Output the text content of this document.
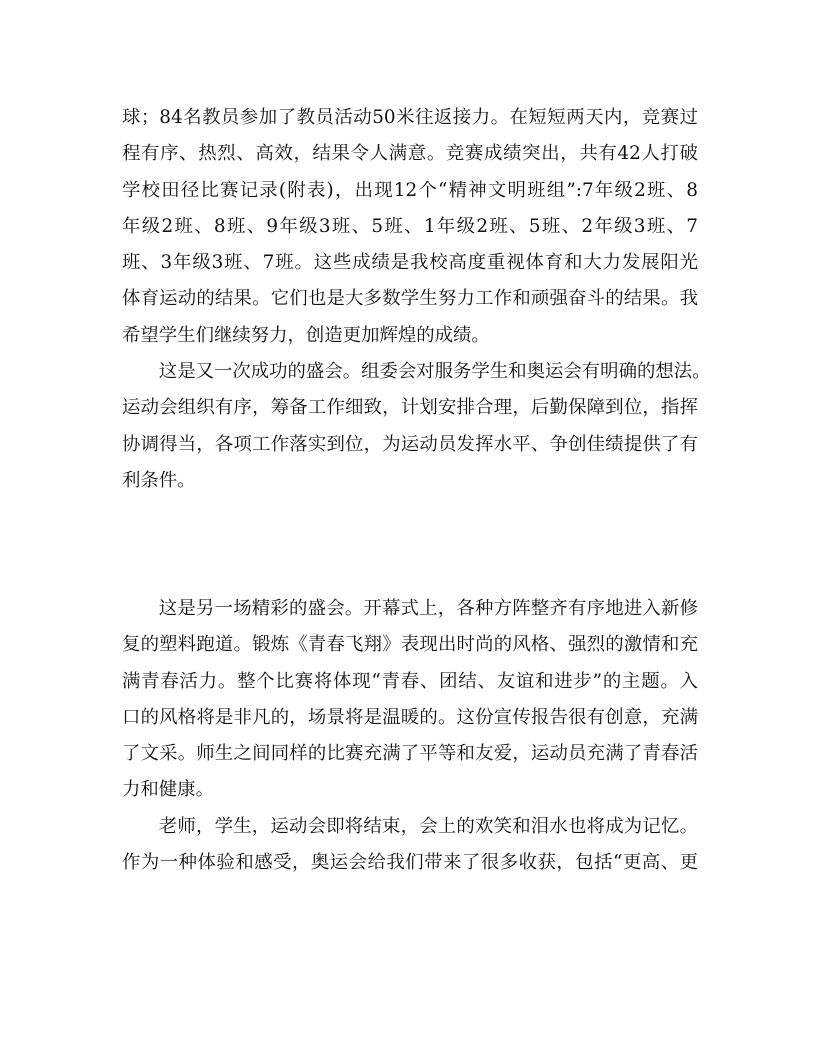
球；84名教员参加了教员活动50米往返接力。在短短两天内，竞赛过
程有序、热烈、高效，结果令人满意。竞赛成绩突出，共有42人打破
学校田径比赛记录(附表)，出现12个“精神文明班组”:7年级2班、8
年级2班、8班、9年级3班、5班、1年级2班、5班、2年级3班、7
班、3年级3班、7班。这些成绩是我校高度重视体育和大力发展阳光
体育运动的结果。它们也是大多数学生努力工作和顽强奋斗的结果。我
希望学生们继续努力，创造更加辉煌的成绩。
这是又一次成功的盛会。组委会对服务学生和奥运会有明确的想法。
运动会组织有序，筹备工作细致，计划安排合理，后勤保障到位，指挥
协调得当，各项工作落实到位，为运动员发挥水平、争创佳绩提供了有
利条件。
这是另一场精彩的盛会。开幕式上，各种方阵整齐有序地进入新修
复的塑料跑道。锻炼《青春飞翔》表现出时尚的风格、强烈的激情和充
满青春活力。整个比赛将体现“青春、团结、友谊和进步”的主题。入
口的风格将是非凡的，场景将是温暖的。这份宣传报告很有创意，充满
了文采。师生之间同样的比赛充满了平等和友爱，运动员充满了青春活
力和健康。
老师，学生，运动会即将结束，会上的欢笑和泪水也将成为记忆。
作为一种体验和感受，奥运会给我们带来了很多收获，包括“更高、更
